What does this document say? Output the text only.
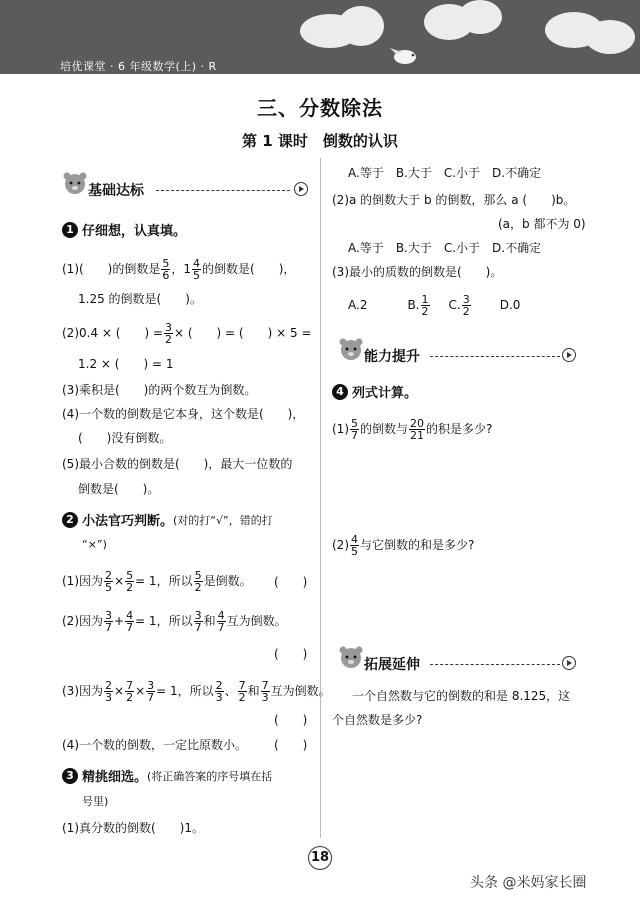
培优课堂 · 6 年级数学(上) · R
三、分数除法
第 1 课时　倒数的认识
基础达标
1 仔细想，认真填。
(1)(　　)的倒数是 $\frac{5}{6}$ ，$1 \frac{4}{5}$ 的倒数是(　　)，
1.25 的倒数是(　　)。
(2)0.4 × (　　) = $\frac{3}{2}$ × (　　) = (　　) × 5 =
1.2 × (　　) = 1
(3)乘积是(　　)的两个数互为倒数。
(4)一个数的倒数是它本身，这个数是(　　)，
(　　)没有倒数。
(5)最小合数的倒数是(　　)，最大一位数的
倒数是(　　)。
2 小法官巧判断。 (对的打“√”，错的打
“×”)
(1)因为 $\frac{2}{5} \times \frac{5}{2} = 1$，所以 $\frac{5}{2}$ 是倒数。 (　　)
(2)因为 $\frac{3}{7} + \frac{4}{7} = 1$，所以 $\frac{3}{7}$ 和 $\frac{4}{7}$ 互为倒数。
(　　)
(3)因为 $\frac{2}{3} \times \frac{7}{2} \times \frac{3}{7} = 1$，所以 $\frac{2}{3}$ 、 $\frac{7}{2}$ 和 $\frac{7}{3}$ 互为倒数。
(　　)
(4)一个数的倒数，一定比原数小。 (　　)
3 精挑细选。 (将正确答案的序号填在括
号里)
(1)真分数的倒数(　　)1。
A.等于　B.大于　C.小于　D.不确定
(2)a 的倒数大于 b 的倒数，那么 a (　　)b。
(a，b 都不为 0)
A.等于　B.大于　C.小于　D.不确定
(3)最小的质数的倒数是(　　)。
A.2	B. $\frac{1}{2} C$. $\frac{3}{2} D.0$
能力提升
4 列式计算。
$(1) \frac{5}{7}$ 的倒数与 $\frac{20}{21}$ 的积是多少?
$(2) \frac{4}{5}$ 与它倒数的和是多少?
拓展延伸
一个自然数与它的倒数的和是 8.125，这
个自然数是多少?
18
头条 @米妈家长圈
